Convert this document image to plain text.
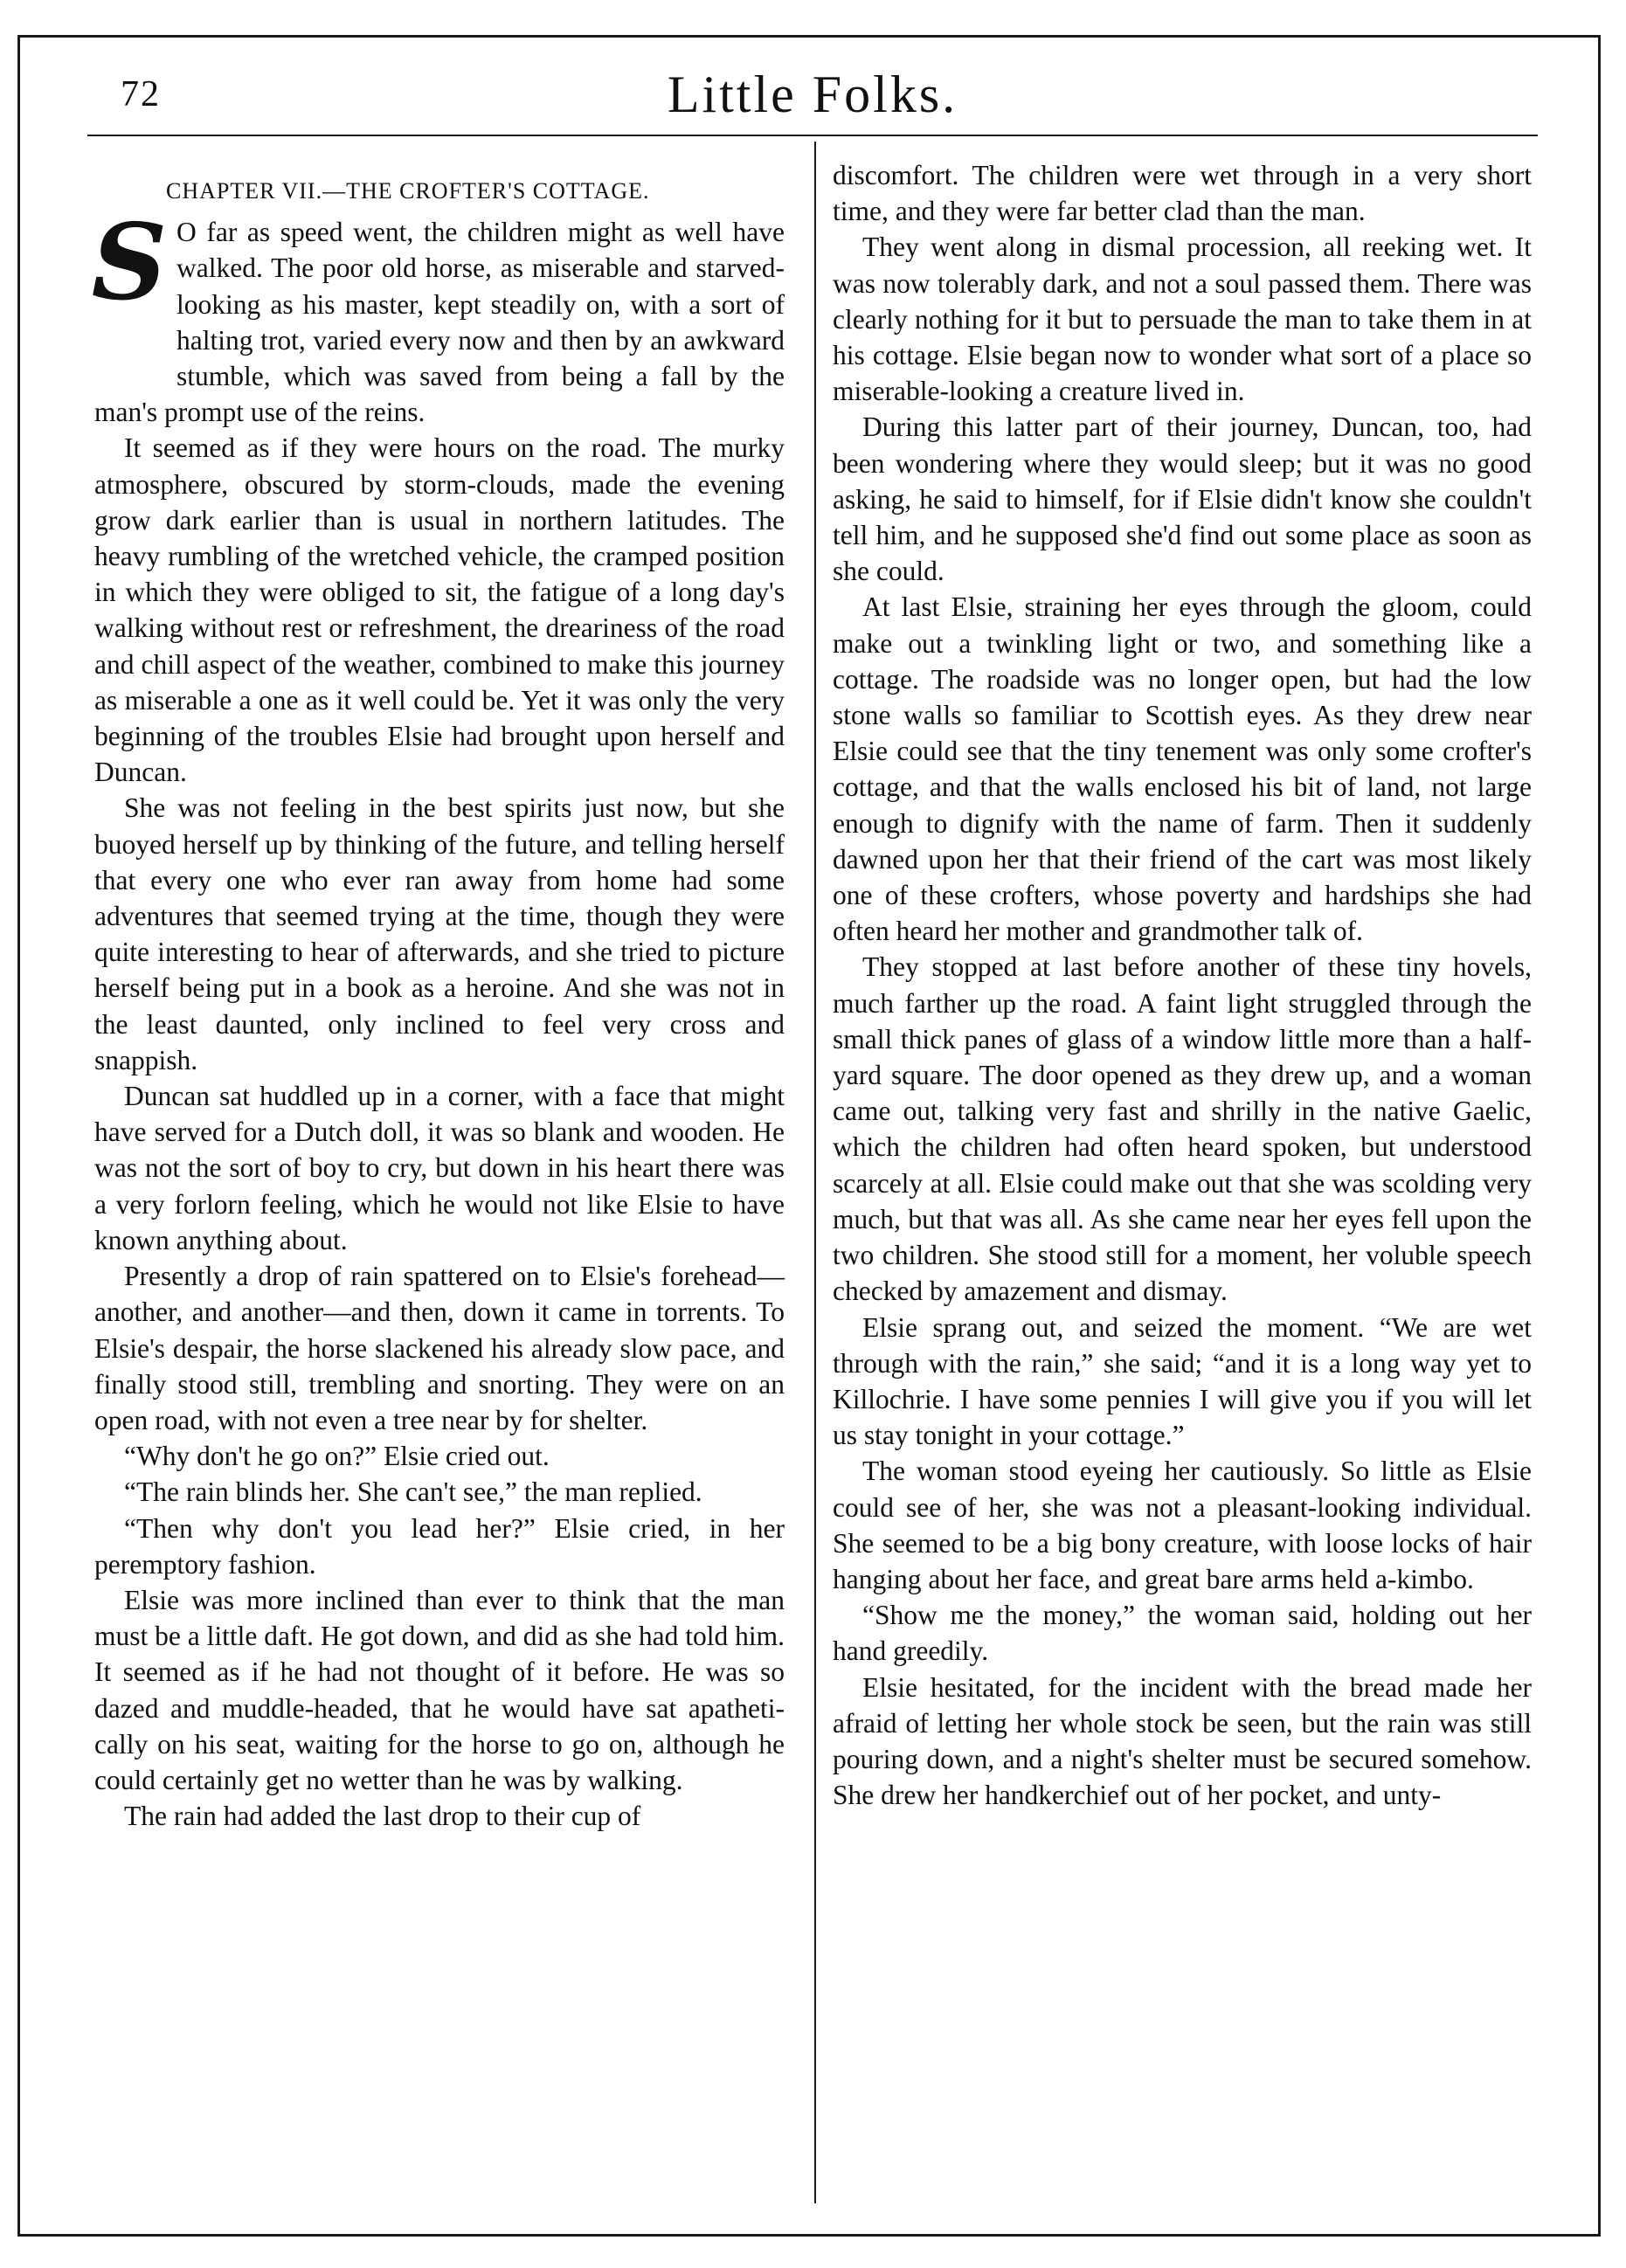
72	Little Folks.
CHAPTER VII.—THE CROFTER'S COTTAGE.

S O far as speed went, the children might as well have walked. The poor old horse, as miserable and starved-looking as his master, kept steadily on, with a sort of halting trot, varied every now and then by an awkward stumble, which was saved from being a fall by the man's prompt use of the reins.

It seemed as if they were hours on the road. The murky atmosphere, obscured by storm-clouds, made the evening grow dark earlier than is usual in northern latitudes. The heavy rumbling of the wretched vehicle, the cramped position in which they were obliged to sit, the fatigue of a long day's walking without rest or refreshment, the dreariness of the road and chill aspect of the weather, combined to make this journey as miserable a one as it well could be. Yet it was only the very beginning of the troubles Elsie had brought upon herself and Duncan.

She was not feeling in the best spirits just now, but she buoyed herself up by thinking of the future, and telling herself that every one who ever ran away from home had some adventures that seemed trying at the time, though they were quite interesting to hear of afterwards, and she tried to picture herself being put in a book as a heroine. And she was not in the least daunted, only inclined to feel very cross and snappish.

Duncan sat huddled up in a corner, with a face that might have served for a Dutch doll, it was so blank and wooden. He was not the sort of boy to cry, but down in his heart there was a very forlorn feeling, which he would not like Elsie to have known anything about.

Presently a drop of rain spattered on to Elsie's forehead—another, and another—and then, down it came in torrents. To Elsie's despair, the horse slackened his already slow pace, and finally stood still, trembling and snorting. They were on an open road, with not even a tree near by for shelter.

“Why don't he go on?” Elsie cried out.

“The rain blinds her. She can't see,” the man replied.

“Then why don't you lead her?” Elsie cried, in her peremptory fashion.

Elsie was more inclined than ever to think that the man must be a little daft. He got down, and did as she had told him. It seemed as if he had not thought of it before. He was so dazed and muddle-headed, that he would have sat apathetically on his seat, waiting for the horse to go on, although he could certainly get no wetter than he was by walking.

The rain had added the last drop to their cup of

discomfort. The children were wet through in a very short time, and they were far better clad than the man.

They went along in dismal procession, all reeking wet. It was now tolerably dark, and not a soul passed them. There was clearly nothing for it but to persuade the man to take them in at his cottage. Elsie began now to wonder what sort of a place so miserable-looking a creature lived in.

During this latter part of their journey, Duncan, too, had been wondering where they would sleep; but it was no good asking, he said to himself, for if Elsie didn't know she couldn't tell him, and he supposed she'd find out some place as soon as she could.

At last Elsie, straining her eyes through the gloom, could make out a twinkling light or two, and something like a cottage. The roadside was no longer open, but had the low stone walls so familiar to Scottish eyes. As they drew near Elsie could see that the tiny tenement was only some crofter's cottage, and that the walls enclosed his bit of land, not large enough to dignify with the name of farm. Then it suddenly dawned upon her that their friend of the cart was most likely one of these crofters, whose poverty and hardships she had often heard her mother and grandmother talk of.

They stopped at last before another of these tiny hovels, much farther up the road. A faint light struggled through the small thick panes of glass of a window little more than a half-yard square. The door opened as they drew up, and a woman came out, talking very fast and shrilly in the native Gaelic, which the children had often heard spoken, but understood scarcely at all. Elsie could make out that she was scolding very much, but that was all. As she came near her eyes fell upon the two children. She stood still for a moment, her voluble speech checked by amazement and dismay.

Elsie sprang out, and seized the moment. “We are wet through with the rain,” she said; “and it is a long way yet to Killochrie. I have some pennies I will give you if you will let us stay tonight in your cottage.”

The woman stood eyeing her cautiously. So little as Elsie could see of her, she was not a pleasant-looking individual. She seemed to be a big bony creature, with loose locks of hair hanging about her face, and great bare arms held a-kimbo.

“Show me the money,” the woman said, holding out her hand greedily.

Elsie hesitated, for the incident with the bread made her afraid of letting her whole stock be seen, but the rain was still pouring down, and a night's shelter must be secured somehow. She drew her handkerchief out of her pocket, and unty-
